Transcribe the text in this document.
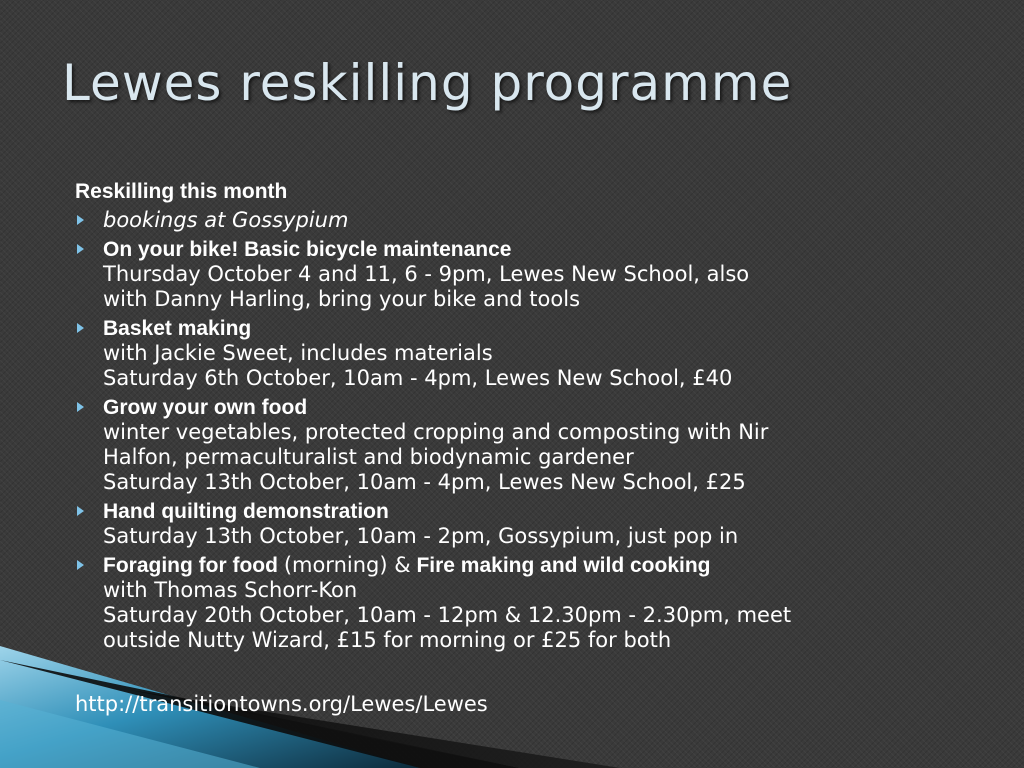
Lewes reskilling programme
Reskilling this month
bookings at Gossypium
On your bike! Basic bicycle maintenance
Thursday October 4 and 11, 6 - 9pm, Lewes New School, also
with Danny Harling, bring your bike and tools
Basket making
with Jackie Sweet, includes materials
Saturday 6th October, 10am - 4pm, Lewes New School, £40
Grow your own food
winter vegetables, protected cropping and composting with Nir
Halfon, permaculturalist and biodynamic gardener
Saturday 13th October, 10am - 4pm, Lewes New School, £25
Hand quilting demonstration
Saturday 13th October, 10am - 2pm, Gossypium, just pop in
Foraging for food (morning) & Fire making and wild cooking
with Thomas Schorr-Kon
Saturday 20th October, 10am - 12pm & 12.30pm - 2.30pm, meet
outside Nutty Wizard, £15 for morning or £25 for both
http://transitiontowns.org/Lewes/Lewes
